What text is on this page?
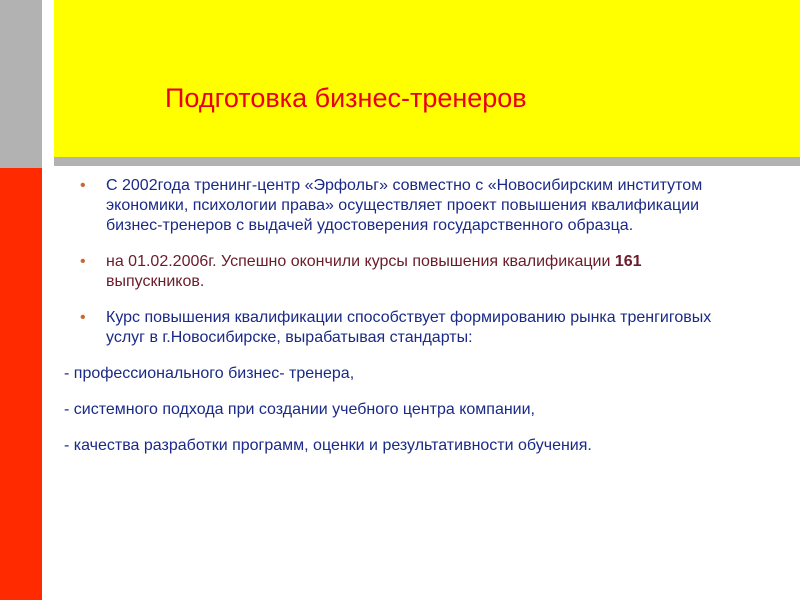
Подготовка бизнес-тренеров
• С 2002года тренинг-центр «Эрфольг» совместно с «Новосибирским институтом экономики, психологии права» осуществляет проект повышения квалификации бизнес-тренеров с выдачей удостоверения государственного образца.
• на 01.02.2006г. Успешно окончили курсы повышения квалификации 161 выпускников.
• Курс повышения квалификации способствует формированию рынка тренгиговых услуг в г.Новосибирске, вырабатывая стандарты:
- профессионального бизнес- тренера,
- системного подхода при создании учебного центра компании,
- качества разработки программ, оценки и результативности обучения.
